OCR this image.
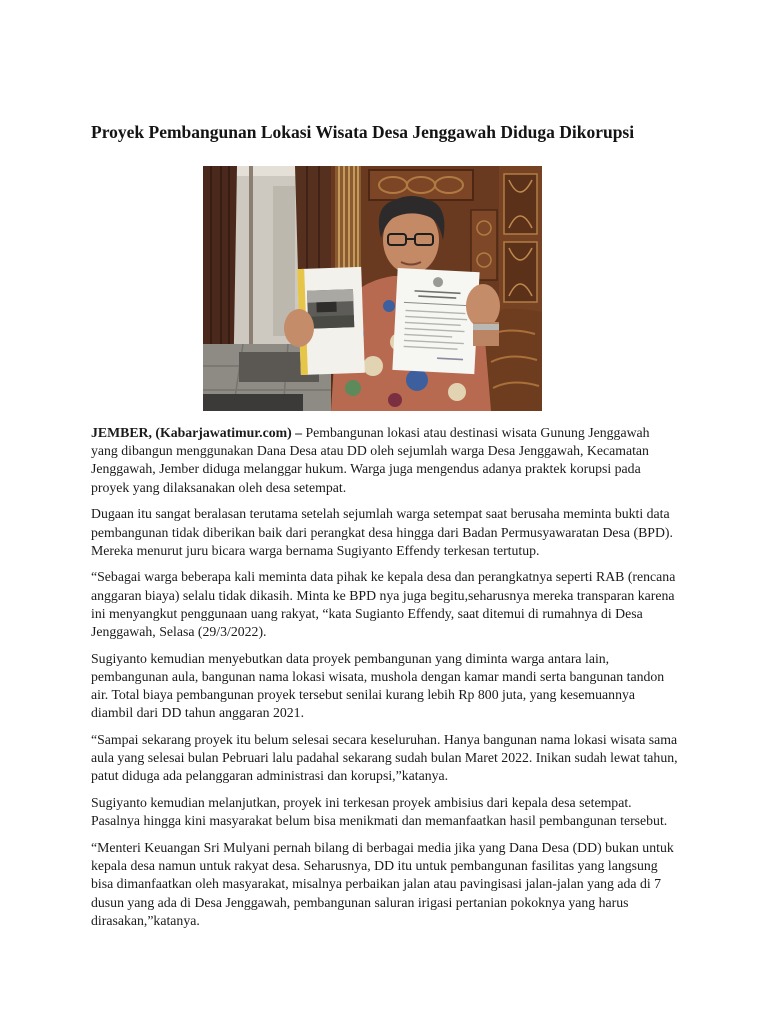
Proyek Pembangunan Lokasi Wisata Desa Jenggawah Diduga Dikorupsi

JEMBER, (Kabarjawatimur.com) – Pembangunan lokasi atau destinasi wisata Gunung Jenggawah
yang dibangun menggunakan Dana Desa atau DD oleh sejumlah warga Desa Jenggawah, Kecamatan
Jenggawah, Jember diduga melanggar hukum. Warga juga mengendus adanya praktek korupsi pada
proyek yang dilaksanakan oleh desa setempat.

Dugaan itu sangat beralasan terutama setelah sejumlah warga setempat saat berusaha meminta bukti data
pembangunan tidak diberikan baik dari perangkat desa hingga dari Badan Permusyawaratan Desa (BPD).
Mereka menurut juru bicara warga bernama Sugiyanto Effendy terkesan tertutup.

“Sebagai warga beberapa kali meminta data pihak ke kepala desa dan perangkatnya seperti RAB (rencana
anggaran biaya) selalu tidak dikasih. Minta ke BPD nya juga begitu,seharusnya mereka transparan karena
ini menyangkut penggunaan uang rakyat, “kata Sugianto Effendy, saat ditemui di rumahnya di Desa
Jenggawah, Selasa (29/3/2022).

Sugiyanto kemudian menyebutkan data proyek pembangunan yang diminta warga antara lain,
pembangunan aula, bangunan nama lokasi wisata, mushola dengan kamar mandi serta bangunan tandon
air. Total biaya pembangunan proyek tersebut senilai kurang lebih Rp 800 juta, yang kesemuannya
diambil dari DD tahun anggaran 2021.

“Sampai sekarang proyek itu belum selesai secara keseluruhan. Hanya bangunan nama lokasi wisata sama
aula yang selesai bulan Pebruari lalu padahal sekarang sudah bulan Maret 2022. Inikan sudah lewat tahun,
patut diduga ada pelanggaran administrasi dan korupsi,”katanya.

Sugiyanto kemudian melanjutkan, proyek ini terkesan proyek ambisius dari kepala desa setempat.
Pasalnya hingga kini masyarakat belum bisa menikmati dan memanfaatkan hasil pembangunan tersebut.

“Menteri Keuangan Sri Mulyani pernah bilang di berbagai media jika yang Dana Desa (DD) bukan untuk
kepala desa namun untuk rakyat desa. Seharusnya, DD itu untuk pembangunan fasilitas yang langsung
bisa dimanfaatkan oleh masyarakat, misalnya perbaikan jalan atau pavingisasi jalan-jalan yang ada di 7
dusun yang ada di Desa Jenggawah, pembangunan saluran irigasi pertanian pokoknya yang harus
dirasakan,”katanya.
